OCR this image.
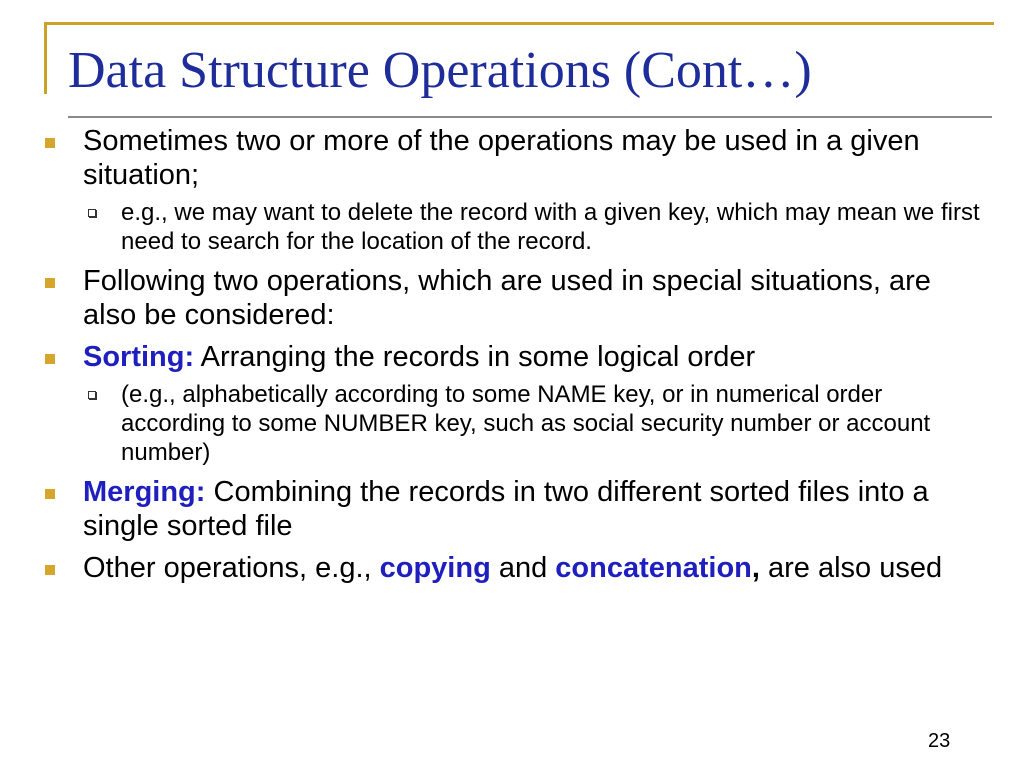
Data Structure Operations (Cont…)
Sometimes two or more of the operations may be used in a given situation;
e.g., we may want to delete the record with a given key, which may mean we first need to search for the location of the record.
Following two operations, which are used in special situations, are also be considered:
Sorting: Arranging the records in some logical order
(e.g., alphabetically according to some NAME key, or in numerical order according to some NUMBER key, such as social security number or account number)
Merging: Combining the records in two different sorted files into a single sorted file
Other operations, e.g., copying and concatenation, are also used
23
